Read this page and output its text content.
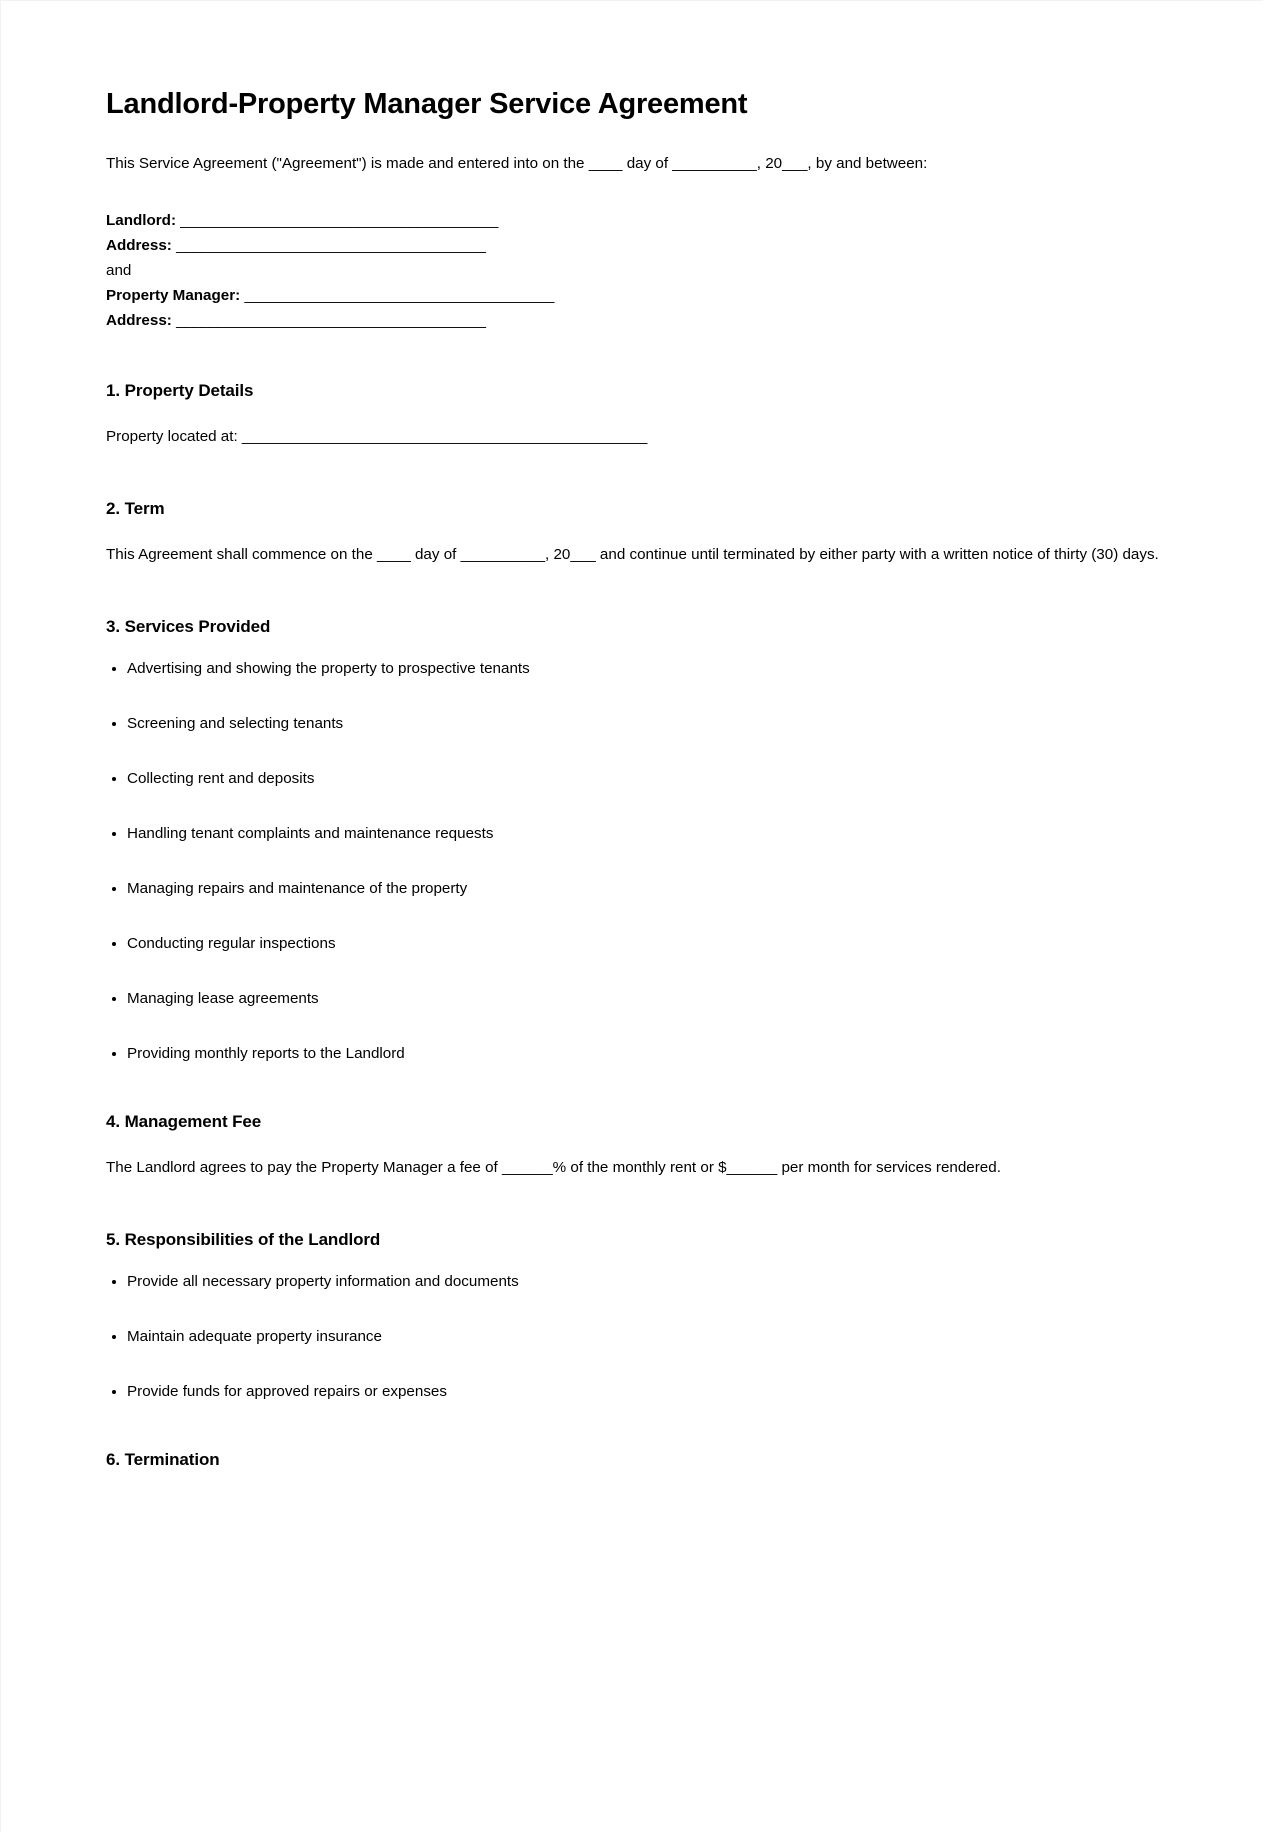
Landlord-Property Manager Service Agreement

This Service Agreement ("Agreement") is made and entered into on the ____ day of __________, 20___, by and between:

Landlord: _______________________________________
Address: ______________________________________
and
Property Manager: ______________________________________
Address: ______________________________________
1. Property Details

Property located at: ________________________________________________

2. Term

This Agreement shall commence on the ____ day of __________, 20___ and continue until terminated by either party with a written notice of thirty (30) days.

3. Services Provided
Advertising and showing the property to prospective tenants
Screening and selecting tenants
Collecting rent and deposits
Handling tenant complaints and maintenance requests
Managing repairs and maintenance of the property
Conducting regular inspections
Managing lease agreements
Providing monthly reports to the Landlord
4. Management Fee

The Landlord agrees to pay the Property Manager a fee of ______% of the monthly rent or $______ per month for services rendered.

5. Responsibilities of the Landlord
Provide all necessary property information and documents
Maintain adequate property insurance
Provide funds for approved repairs or expenses
6. Termination
